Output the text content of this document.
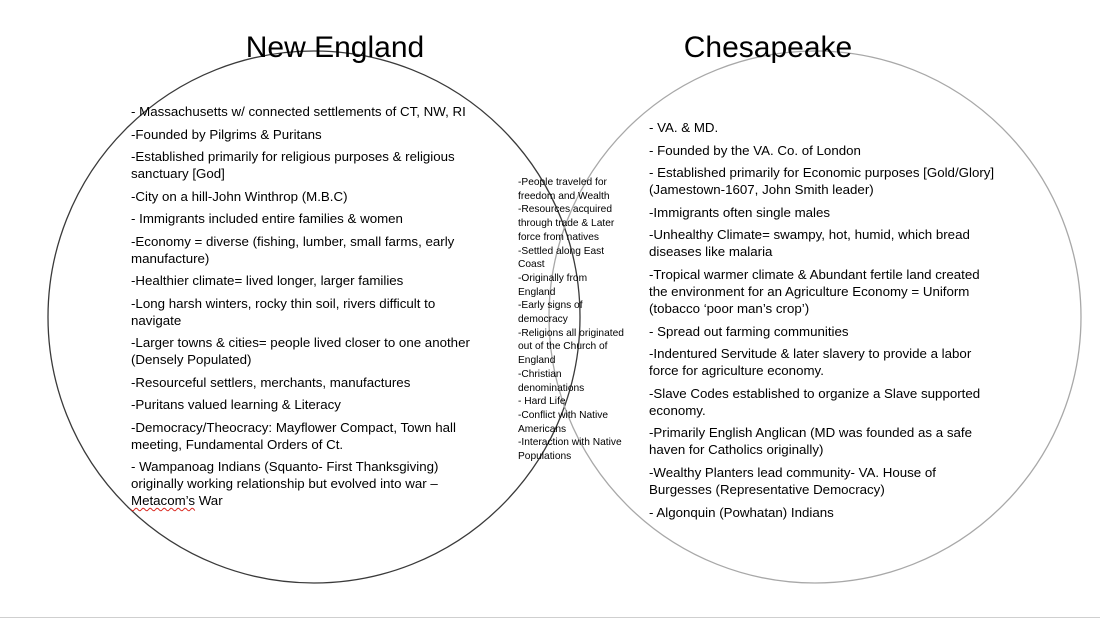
New England	Chesapeake
- Massachusetts w/ connected settlements of CT, NW, RI
-Founded by Pilgrims & Puritans
-Established primarily for religious purposes & religious sanctuary [God]
-City on a hill-John Winthrop (M.B.C)
- Immigrants included entire families & women
-Economy = diverse (fishing, lumber, small farms, early manufacture)
-Healthier climate= lived longer, larger families
-Long harsh winters, rocky thin soil, rivers difficult to navigate
-Larger towns & cities= people lived closer to one another (Densely Populated)
-Resourceful settlers, merchants, manufactures
-Puritans valued learning & Literacy
-Democracy/Theocracy: Mayflower Compact, Town hall meeting, Fundamental Orders of Ct.
- Wampanoag Indians (Squanto- First Thanksgiving) originally working relationship but evolved into war – Metacom’s War
-People traveled for freedom and Wealth
-Resources acquired through trade & Later force from natives
-Settled along East Coast
-Originally from England
-Early signs of democracy
-Religions all originated out of the Church of England
-Christian denominations
- Hard Life
-Conflict with Native Americans
-Interaction with Native Populations
- VA. & MD.
- Founded by the VA. Co. of London
- Established primarily for Economic purposes [Gold/Glory] (Jamestown-1607, John Smith leader)
-Immigrants often single males
-Unhealthy Climate= swampy, hot, humid, which bread diseases like malaria
-Tropical warmer climate & Abundant fertile land created the environment for an Agriculture Economy = Uniform (tobacco ‘poor man’s crop’)
- Spread out farming communities
-Indentured Servitude & later slavery to provide a labor force for agriculture economy.
-Slave Codes established to organize a Slave supported economy.
-Primarily English Anglican (MD was founded as a safe haven for Catholics originally)
-Wealthy Planters lead community- VA. House of Burgesses (Representative Democracy)
- Algonquin (Powhatan) Indians
